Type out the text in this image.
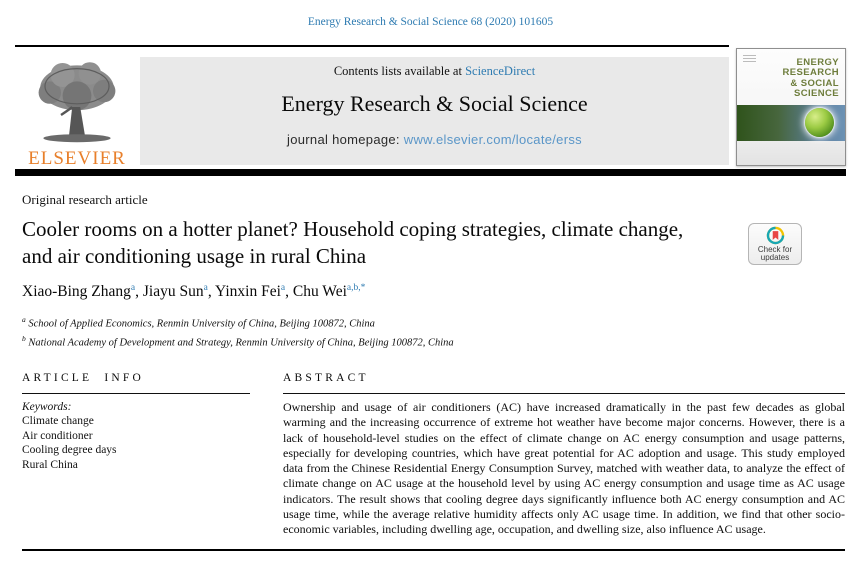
Energy Research & Social Science 68 (2020) 101605
ELSEVIER
Contents lists available at ScienceDirect
Energy Research & Social Science
journal homepage: www.elsevier.com/locate/erss
ENERGY
RESEARCH
& SOCIAL
SCIENCE
Original research article
Cooler rooms on a hotter planet? Household coping strategies, climate change, and air conditioning usage in rural China	Check for
updates
Xiao-Bing Zhang$^a$, Jiayu Sun$^a$, Yinxin Fei$^a$, Chu Wei$^{a,b,*}$
$^a$ School of Applied Economics, Renmin University of China, Beijing 100872, China
$^b$ National Academy of Development and Strategy, Renmin University of China, Beijing 100872, China
ARTICLE INFO
Keywords:
Climate change
Air conditioner
Cooling degree days
Rural China
ABSTRACT

Ownership and usage of air conditioners (AC) have increased dramatically in the past few decades as global warming and the increasing occurrence of extreme hot weather have become major concerns. However, there is a lack of household-level studies on the effect of climate change on AC energy consumption and usage patterns, especially for developing countries, which have great potential for AC adoption and usage. This study employed data from the Chinese Residential Energy Consumption Survey, matched with weather data, to analyze the effect of climate change on AC usage at the household level by using AC energy consumption and usage time as AC usage indicators. The result shows that cooling degree days significantly influence both AC energy consumption and AC usage time, while the average relative humidity affects only AC usage time. In addition, we find that other socio-economic variables, including dwelling age, occupation, and dwelling size, also influence AC usage.
